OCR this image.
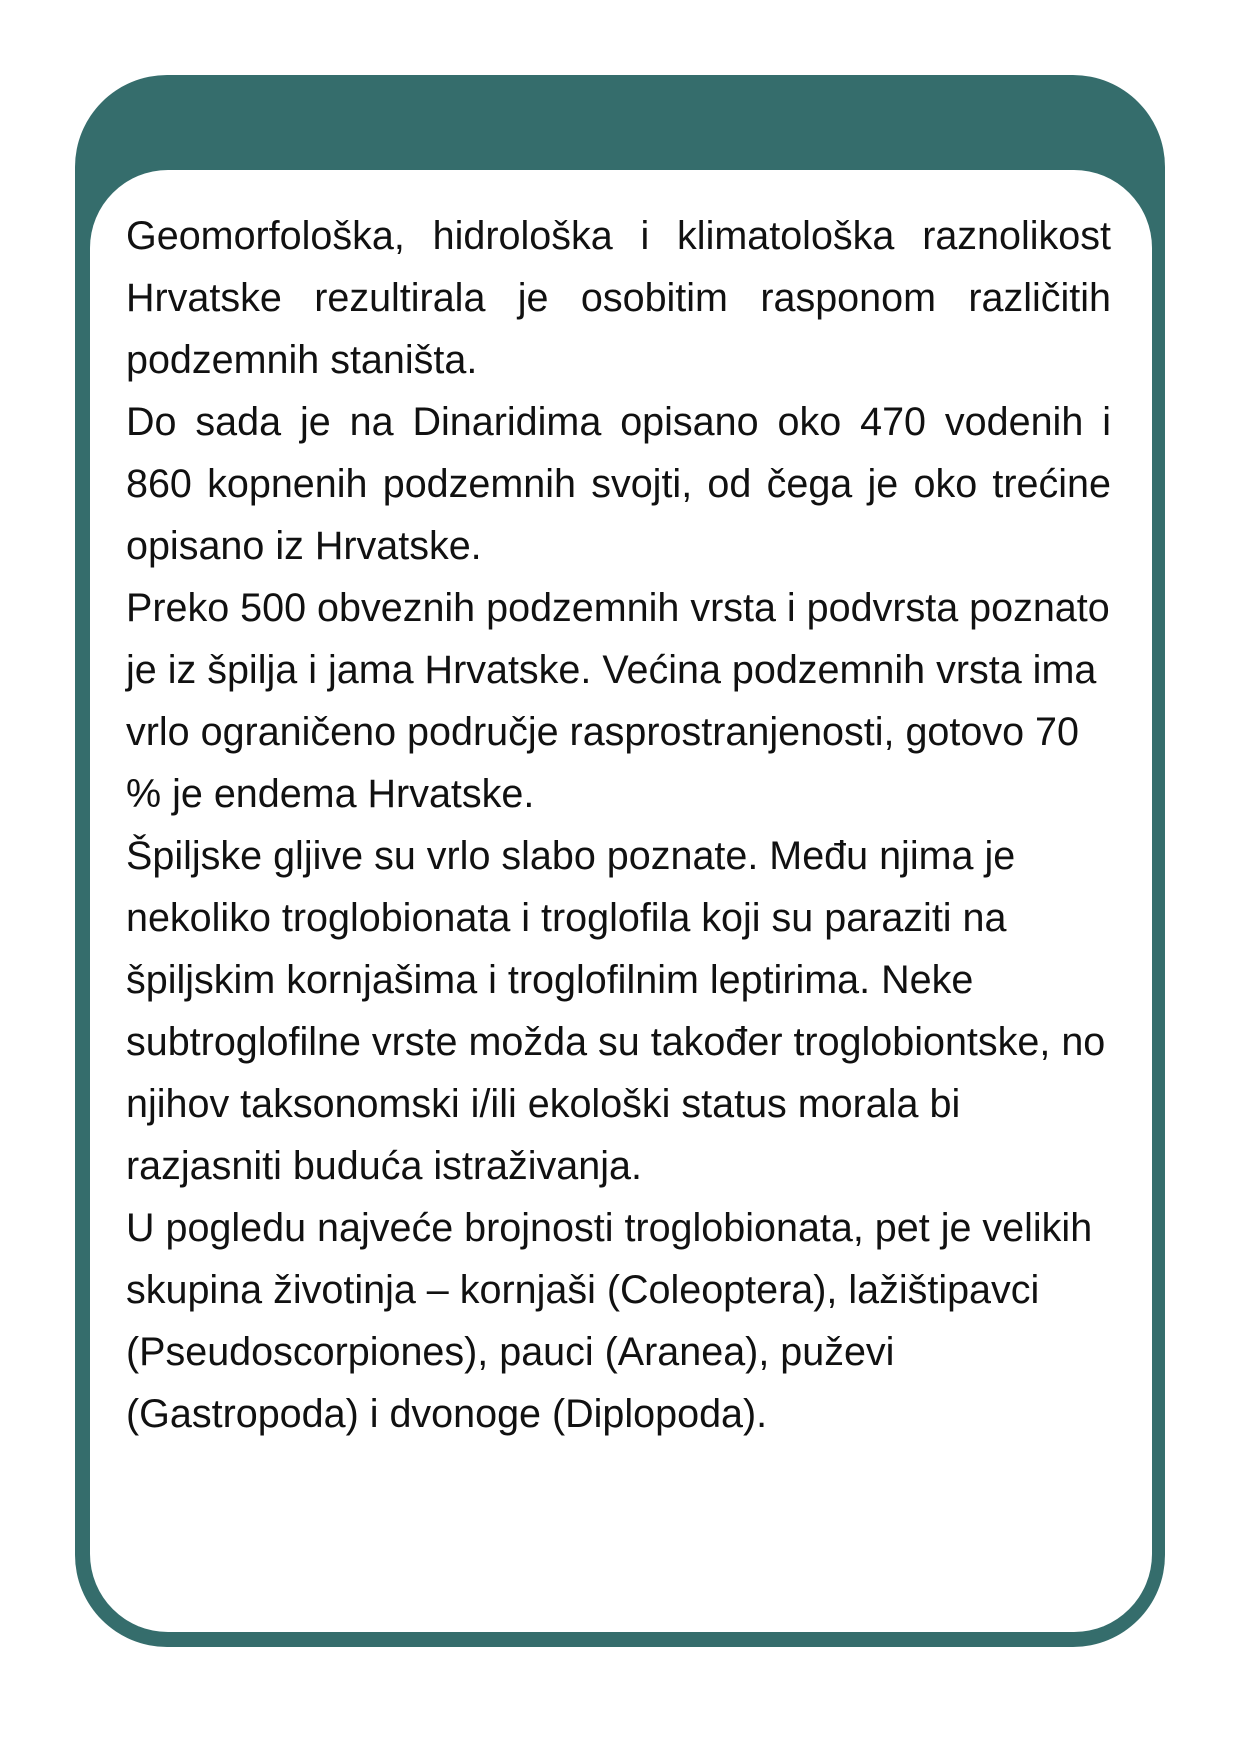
Geomorfološka, hidrološka i klimatološka raznolikost Hrvatske rezultirala je osobitim rasponom različitih podzemnih staništa.

Do sada je na Dinaridima opisano oko 470 vodenih i 860 kopnenih podzemnih svojti, od čega je oko trećine opisano iz Hrvatske.

Preko 500 obveznih podzemnih vrsta i podvrsta poznato je iz špilja i jama Hrvatske. Većina podzemnih vrsta ima vrlo ograničeno područje rasprostranjenosti, gotovo 70 % je endema Hrvatske.

Špiljske gljive su vrlo slabo poznate. Među njima je nekoliko troglobionata i troglofila koji su paraziti na špiljskim kornjašima i troglofilnim leptirima. Neke subtroglofilne vrste možda su također troglobiontske, no njihov taksonomski i/ili ekološki status morala bi razjasniti buduća istraživanja.

U pogledu najveće brojnosti troglobionata, pet je velikih skupina životinja – kornjaši (Coleoptera), lažištipavci (Pseudoscorpiones), pauci (Aranea), puževi (Gastropoda) i dvonoge (Diplopoda).
